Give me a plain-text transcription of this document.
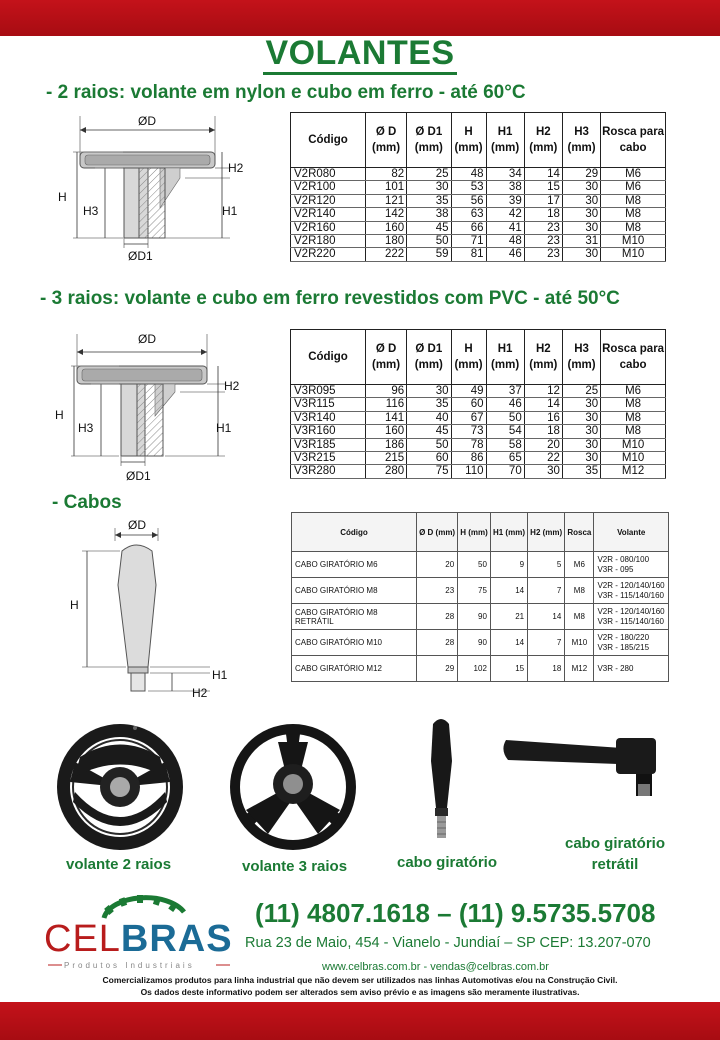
VOLANTES
- 2 raios: volante em nylon e cubo em ferro - até 60°C
ØD
H2
H
H3	H1
ØD1
Código	Ø D (mm)	Ø D1 (mm)	H (mm)	H1 (mm)	H2 (mm)	H3 (mm)	Rosca para cabo
V2R080	82	25	48	34	14	29	M6
V2R100	101	30	53	38	15	30	M6
V2R120	121	35	56	39	17	30	M8
V2R140	142	38	63	42	18	30	M8
V2R160	160	45	66	41	23	30	M8
V2R180	180	50	71	48	23	31	M10
V2R220	222	59	81	46	23	30	M10
- 3 raios: volante e cubo em ferro revestidos com PVC - até 50°C
ØD
H2
H
H3	H1
ØD1
Código	Ø D (mm)	Ø D1 (mm)	H (mm)	H1 (mm)	H2 (mm)	H3 (mm)	Rosca para cabo
V3R095	96	30	49	37	12	25	M6
V3R115	116	35	60	46	14	30	M8
V3R140	141	40	67	50	16	30	M8
V3R160	160	45	73	54	18	30	M8
V3R185	186	50	78	58	20	30	M10
V3R215	215	60	86	65	22	30	M10
V3R280	280	75	110	70	30	35	M12
- Cabos
ØD
H
H1
H2
Código	Ø D (mm)	H (mm)	H1 (mm)	H2 (mm)	Rosca	Volante
CABO GIRATÓRIO M6	20	50	9	5	M6	V2R - 080/100
V3R - 095

CABO GIRATÓRIO M8	23	75	14	7	M8	V2R - 120/140/160
V3R - 115/140/160

CABO GIRATÓRIO M8 RETRÁTIL	28	90	21	14	M8	V2R - 120/140/160
V3R - 115/140/160

CABO GIRATÓRIO M10	28	90	14	7	M10	V2R - 180/220
V3R - 185/215

CABO GIRATÓRIO M12	29	102	15	18	M12	V3R - 280
volante 2 raios	volante 3 raios	cabo giratório
cabo giratório
retrátil
CELBRAS
Produtos Industriais
(11) 4807.1618 – (11) 9.5735.5708
Rua 23 de Maio, 454 - Vianelo - Jundiaí – SP CEP: 13.207-070
www.celbras.com.br - vendas@celbras.com.br
Comercializamos produtos para linha industrial que não devem ser utilizados nas linhas Automotivas e/ou na Construção Civil.
Os dados deste informativo podem ser alterados sem aviso prévio e as imagens são meramente ilustrativas.
